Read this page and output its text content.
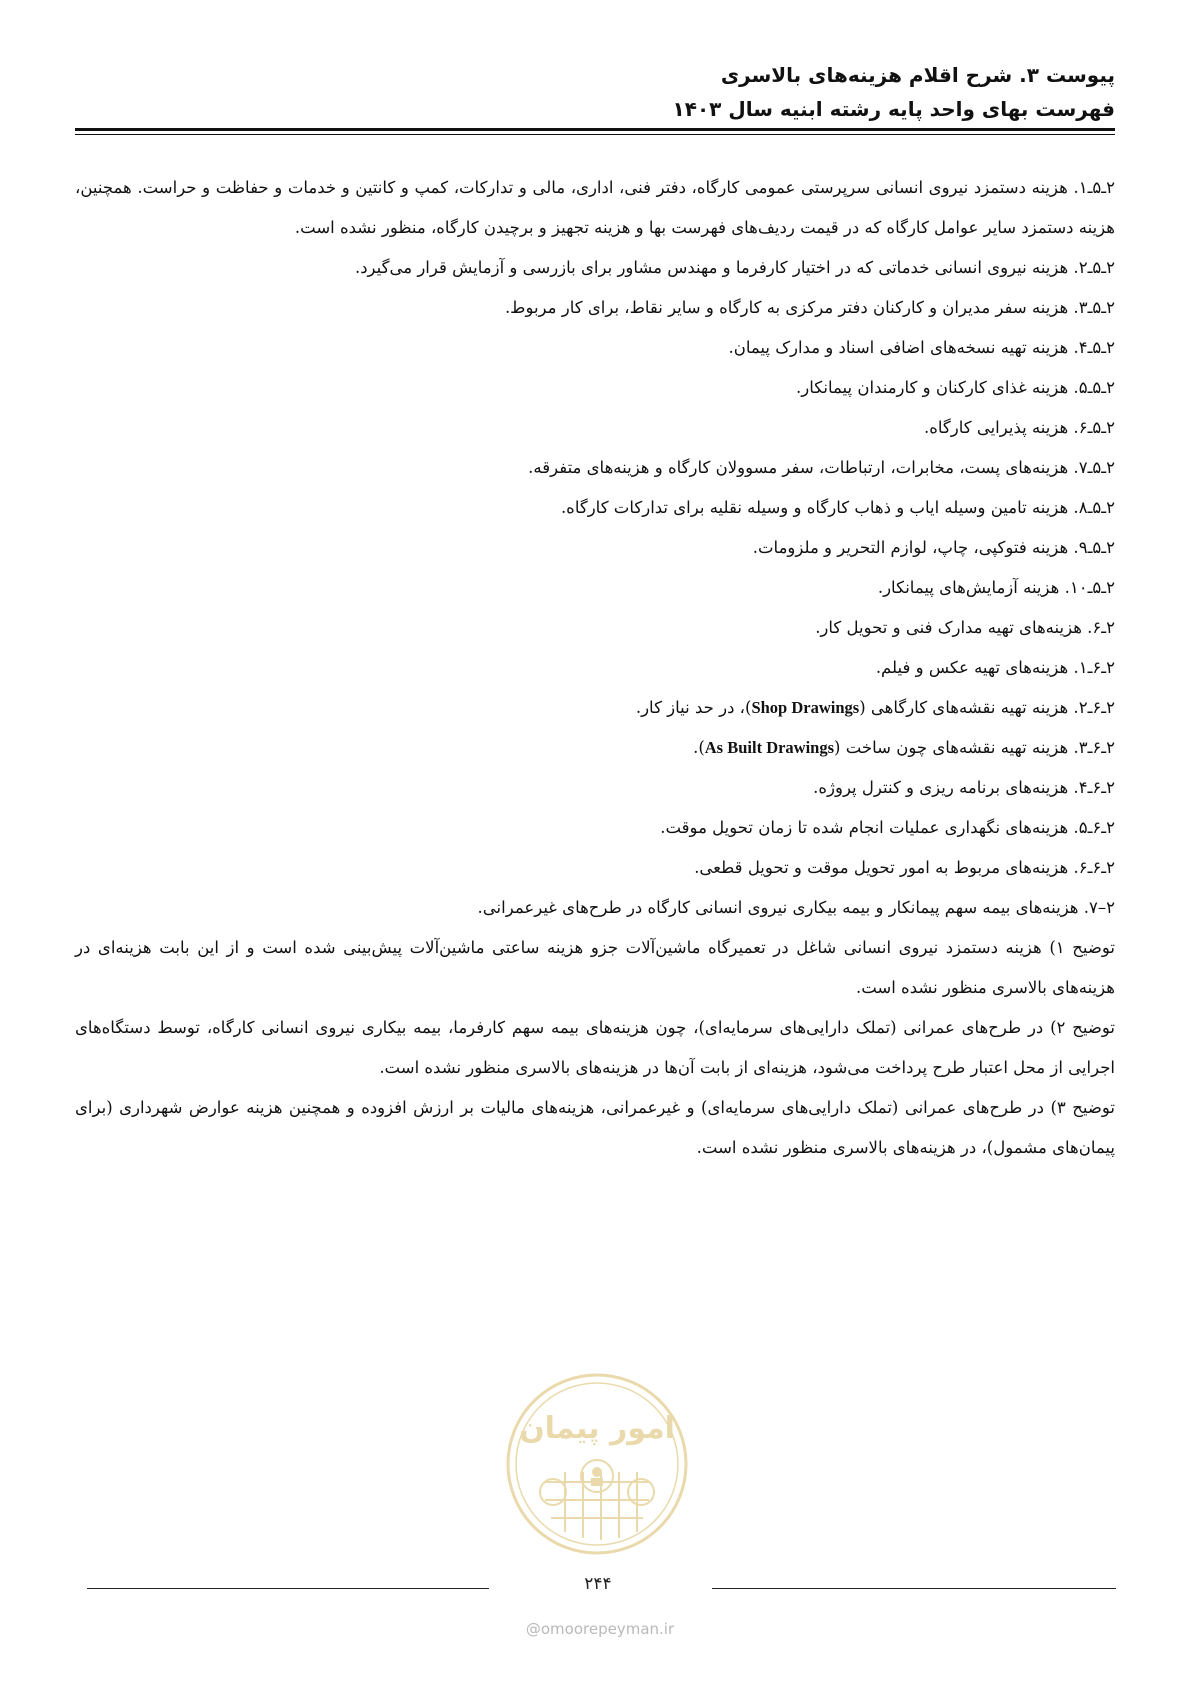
پیوست ۳. شرح اقلام هزینه‌های بالاسری
فهرست بهای واحد پایه رشته ابنیه سال ۱۴۰۳

۲ـ۵ـ۱. هزینه دستمزد نیروی انسانی سرپرستی عمومی کارگاه، دفتر فنی، اداری، مالی و تدارکات، کمپ و کانتین و خدمات و حفاظت و حراست. همچنین، هزینه دستمزد سایر عوامل کارگاه که در قیمت ردیف‌های فهرست بها و هزینه تجهیز و برچیدن کارگاه، منظور نشده است.

۲ـ۵ـ۲. هزینه نیروی انسانی خدماتی که در اختیار کارفرما و مهندس مشاور برای بازرسی و آزمایش قرار می‌گیرد.

۲ـ۵ـ۳. هزینه سفر مدیران و کارکنان دفتر مرکزی به کارگاه و سایر نقاط، برای کار مربوط.

۲ـ۵ـ۴. هزینه تهیه نسخه‌های اضافی اسناد و مدارک پیمان.

۲ـ۵ـ۵. هزینه غذای کارکنان و کارمندان پیمانکار.

۲ـ۵ـ۶. هزینه پذیرایی کارگاه.

۲ـ۵ـ۷. هزینه‌های پست، مخابرات، ارتباطات، سفر مسوولان کارگاه و هزینه‌های متفرقه.

۲ـ۵ـ۸. هزینه تامین وسیله ایاب و ذهاب کارگاه و وسیله نقلیه برای تدارکات کارگاه.

۲ـ۵ـ۹. هزینه فتوکپی، چاپ، لوازم التحریر و ملزومات.

۲ـ۵ـ۱۰. هزینه آزمایش‌های پیمانکار.

۲ـ۶. هزینه‌های تهیه مدارک فنی و تحویل کار.

۲ـ۶ـ۱. هزینه‌های تهیه عکس و فیلم.

۲ـ۶ـ۲. هزینه تهیه نقشه‌های کارگاهی (Shop Drawings)، در حد نیاز کار.

۲ـ۶ـ۳. هزینه تهیه نقشه‌های چون ساخت (As Built Drawings).

۲ـ۶ـ۴. هزینه‌های برنامه ریزی و کنترل پروژه.

۲ـ۶ـ۵. هزینه‌های نگهداری عملیات انجام شده تا زمان تحویل موقت.

۲ـ۶ـ۶. هزینه‌های مربوط به امور تحویل موقت و تحویل قطعی.

۲–۷. هزینه‌های بیمه سهم پیمانکار و بیمه بیکاری نیروی انسانی کارگاه در طرح‌های غیرعمرانی.

توضیح ۱) هزینه دستمزد نیروی انسانی شاغل در تعمیرگاه ماشین‌آلات جزو هزینه ساعتی ماشین‌آلات پیش‌بینی شده است و از این بابت هزینه‌ای در هزینه‌های بالاسری منظور نشده است.

توضیح ۲) در طرح‌های عمرانی (تملک دارایی‌های سرمایه‌ای)، چون هزینه‌های بیمه سهم کارفرما، بیمه بیکاری نیروی انسانی کارگاه، توسط دستگاه‌های اجرایی از محل اعتبار طرح پرداخت می‌شود، هزینه‌ای از بابت آن‌ها در هزینه‌های بالاسری منظور نشده است.

توضیح ۳) در طرح‌های عمرانی (تملک دارایی‌های سرمایه‌ای) و غیرعمرانی، هزینه‌های مالیات بر ارزش افزوده و همچنین هزینه عوارض شهرداری (برای پیمان‌های مشمول)، در هزینه‌های بالاسری منظور نشده است.

امور پیمان
۲۴۴
@omoorepeyman.ir
